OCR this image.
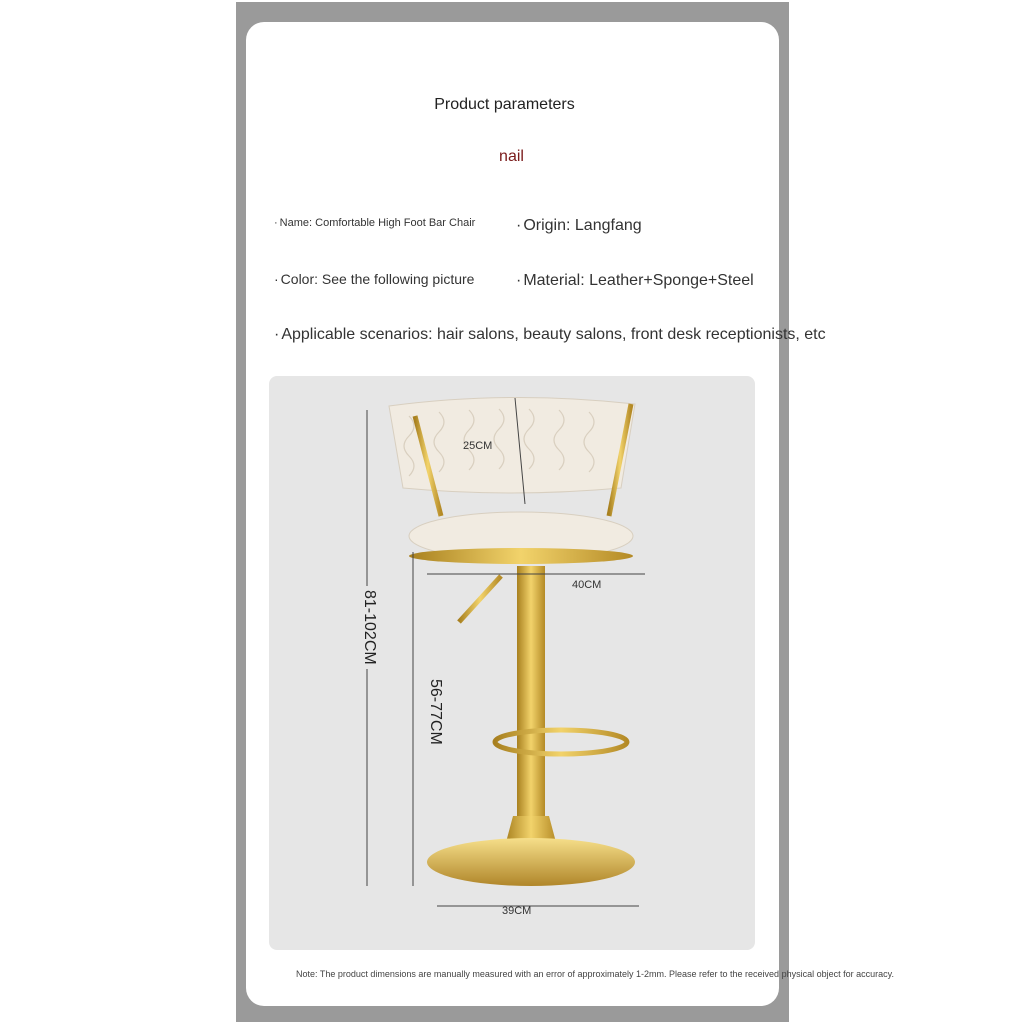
Product parameters
nail
· Name: Comfortable High Foot Bar Chair	· Origin: Langfang
· Color: See the following picture	· Material: Leather+Sponge+Steel
· Applicable scenarios: hair salons, beauty salons, front desk receptionists, etc
25CM
40CM
39CM
81-102CM
56-77CM
Note: The product dimensions are manually measured with an error of approximately 1-2mm. Please refer to the received physical object for accuracy.
